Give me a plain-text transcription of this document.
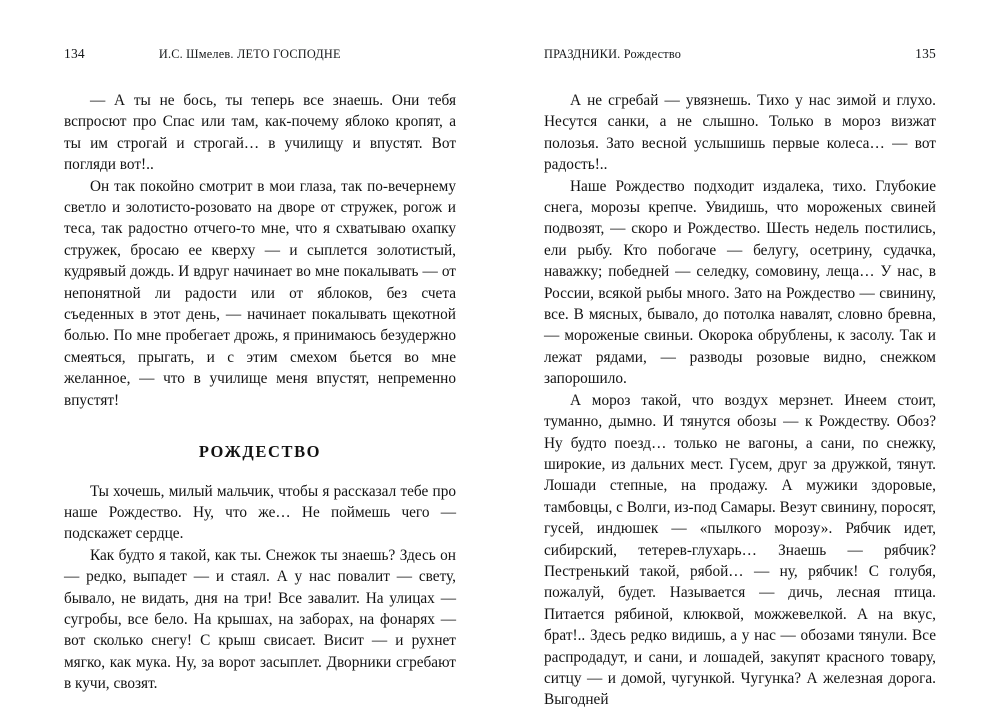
134	И.С. Шмелев. ЛЕТО ГОСПОДНЕ

— А ты не бось, ты теперь все знаешь. Они тебя вспросют про Спас или там, как-почему яблоко кропят, а ты им строгай и строгай… в училищу и впустят. Вот погляди вот!..

Он так покойно смотрит в мои глаза, так по-вечернему светло и золотисто-розовато на дворе от стружек, рогож и теса, так радостно отчего-то мне, что я схватываю охапку стружек, бросаю ее кверху — и сыплется золотистый, кудрявый дождь. И вдруг начинает во мне покалывать — от непонятной ли радости или от яблоков, без счета съеденных в этот день, — начинает покалывать щекотной болью. По мне пробегает дрожь, я принимаюсь безудержно смеяться, прыгать, и с этим смехом бьется во мне желанное, — что в училище меня впустят, непременно впустят!

РОЖДЕСТВО

Ты хочешь, милый мальчик, чтобы я рассказал тебе про наше Рождество. Ну, что же… Не поймешь чего — подскажет сердце.

Как будто я такой, как ты. Снежок ты знаешь? Здесь он — редко, выпадет — и стаял. А у нас повалит — свету, бывало, не видать, дня на три! Все завалит. На улицах — сугробы, все бело. На крышах, на заборах, на фонарях — вот сколько снегу! С крыш свисает. Висит — и рухнет мягко, как мука. Ну, за ворот засыплет. Дворники сгребают в кучи, свозят.

ПРАЗДНИКИ. Рождество	135

А не сгребай — увязнешь. Тихо у нас зимой и глухо. Несутся санки, а не слышно. Только в мороз визжат полозья. Зато весной услышишь первые колеса… — вот радость!..

Наше Рождество подходит издалека, тихо. Глубокие снега, морозы крепче. Увидишь, что мороженых свиней подвозят, — скоро и Рождество. Шесть недель постились, ели рыбу. Кто побогаче — белугу, осетрину, судачка, наважку; победней — селедку, сомовину, леща… У нас, в России, всякой рыбы много. Зато на Рождество — свинину, все. В мясных, бывало, до потолка навалят, словно бревна, — мороженые свиньи. Окорока обрублены, к засолу. Так и лежат рядами, — разводы розовые видно, снежком запорошило.

А мороз такой, что воздух мерзнет. Инеем стоит, туманно, дымно. И тянутся обозы — к Рождеству. Обоз? Ну будто поезд… только не вагоны, а сани, по снежку, широкие, из дальних мест. Гусем, друг за дружкой, тянут. Лошади степные, на продажу. А мужики здоровые, тамбовцы, с Волги, из-под Самары. Везут свинину, поросят, гусей, индюшек — «пылкого морозу». Рябчик идет, сибирский, тетерев-глухарь… Знаешь — рябчик? Пестренький такой, рябой… — ну, рябчик! С голубя, пожалуй, будет. Называется — дичь, лесная птица. Питается рябиной, клюквой, можжевелкой. А на вкус, брат!.. Здесь редко видишь, а у нас — обозами тянули. Все распродадут, и сани, и лошадей, закупят красного товару, ситцу — и домой, чугункой. Чугунка? А железная дорога. Выгодней
